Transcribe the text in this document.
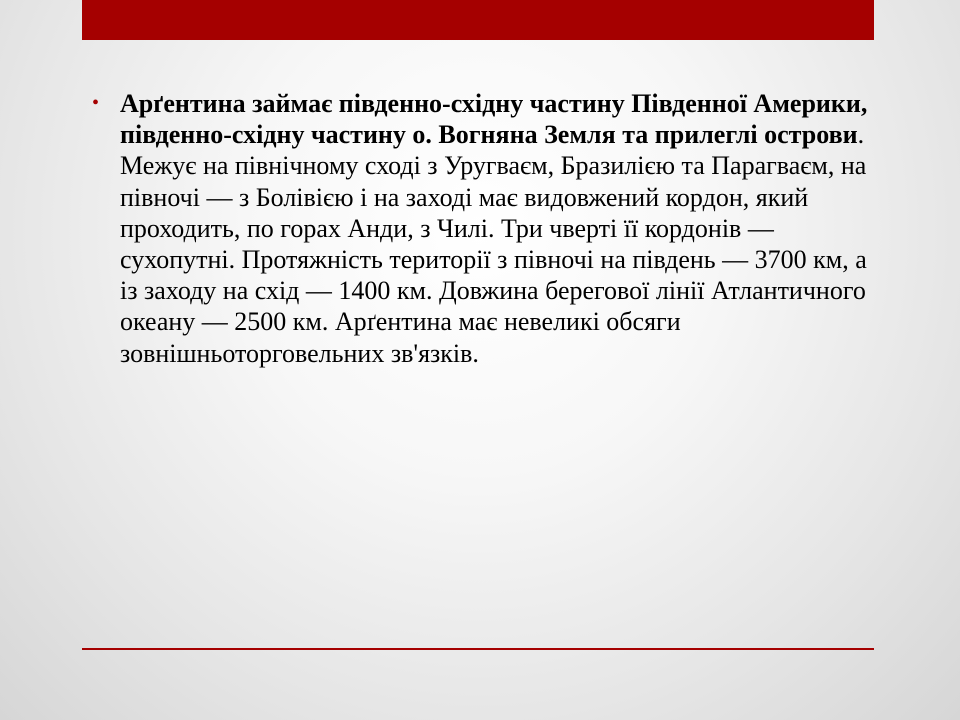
• Арґентина займає південно-східну частину Південної Америки, південно-східну частину о. Вогняна Земля та прилеглі острови. Межує на північному сході з Уругваєм, Бразилією та Парагваєм, на півночі — з Болівією і на заході має видовжений кордон, який проходить, по горах Анди, з Чилі. Три чверті її кордонів — сухопутні. Протяжність території з півночі на південь — 3700 км, а із заходу на схід — 1400 км. Довжина берегової лінії Атлантичного океану — 2500 км. Арґентина має невеликі обсяги зовнішньоторговельних зв'язків.
